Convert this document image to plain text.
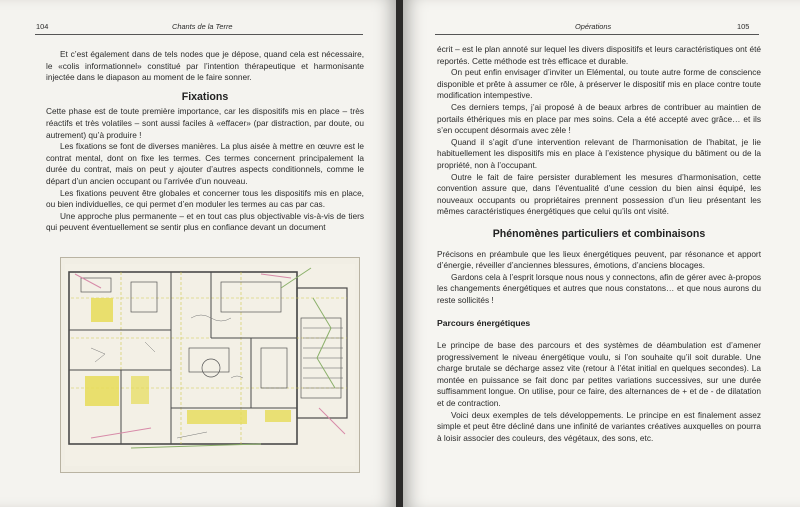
104	Chants de la Terre

Et c’est également dans de tels nodes que je dépose, quand cela est nécessaire, le «colis informationnel» constitué par l’intention thérapeutique et harmonisante injectée dans le diapason au moment de le faire sonner.

Fixations

Cette phase est de toute première importance, car les dispositifs mis en place – très réactifs et très volatiles – sont aussi faciles à «effacer» (par distraction, par doute, ou autrement) qu’à produire !

Les fixations se font de diverses manières. La plus aisée à mettre en œuvre est le contrat mental, dont on fixe les termes. Ces termes concernent principalement la durée du contrat, mais on peut y ajouter d’autres aspects conditionnels, comme le départ d’un ancien occupant ou l’arrivée d’un nouveau.

Les fixations peuvent être globales et concerner tous les dispositifs mis en place, ou bien individuelles, ce qui permet d’en moduler les termes au cas par cas.

Une approche plus permanente – et en tout cas plus objectivable vis-à-vis de tiers qui peuvent éventuellement se sentir plus en confiance devant un document

Opérations	105

écrit – est le plan annoté sur lequel les divers dispositifs et leurs caractéristiques ont été reportés. Cette méthode est très efficace et durable.

On peut enfin envisager d’inviter un Elémental, ou toute autre forme de conscience disponible et prête à assumer ce rôle, à préserver le dispositif mis en place contre toute modification intempestive.

Ces derniers temps, j’ai proposé à de beaux arbres de contribuer au maintien de portails éthériques mis en place par mes soins. Cela a été accepté avec grâce… et ils s’en occupent désormais avec zèle !

Quand il s’agit d’une intervention relevant de l’harmonisation de l’habitat, je lie habituellement les dispositifs mis en place à l’existence physique du bâtiment ou de la propriété, non à l’occupant.

Outre le fait de faire persister durablement les mesures d’harmonisation, cette convention assure que, dans l’éventualité d’une cession du bien ainsi équipé, les nouveaux occupants ou propriétaires prennent possession d’un lieu présentant les mêmes caractéristiques énergétiques que celui qu’ils ont visité.

Phénomènes particuliers et combinaisons

Précisons en préambule que les lieux énergétiques peuvent, par résonance et apport d’énergie, réveiller d’anciennes blessures, émotions, d’anciens blocages.

Gardons cela à l’esprit lorsque nous nous y connectons, afin de gérer avec à-propos les changements énergétiques et autres que nous constatons… et que nous aurons du reste sollicités !

Parcours énergétiques

Le principe de base des parcours et des systèmes de déambulation est d’amener progressivement le niveau énergétique voulu, si l’on souhaite qu’il soit durable. Une charge brutale se décharge assez vite (retour à l’état initial en quelques secondes). La montée en puissance se fait donc par petites variations successives, sur une durée suffisamment longue. On utilise, pour ce faire, des alternances de + et de - de dilatation et de contraction.

Voici deux exemples de tels développements. Le principe en est finalement assez simple et peut être décliné dans une infinité de variantes créatives auxquelles on pourra à loisir associer des couleurs, des végétaux, des sons, etc.
